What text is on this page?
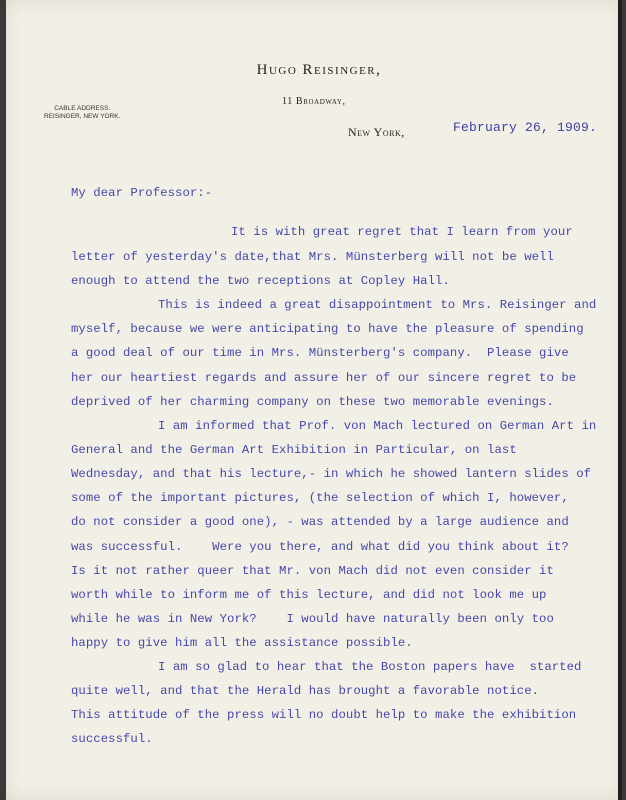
Hugo Reisinger,
11 Broadway,
CABLE ADDRESS.
REISINGER, NEW YORK.
New York,	February 26, 1909.
My dear Professor:-
It is with great regret that I learn from your
letter of yesterday's date,that Mrs. Münsterberg will not be well
enough to attend the two receptions at Copley Hall.
This is indeed a great disappointment to Mrs. Reisinger and
myself, because we were anticipating to have the pleasure of spending
a good deal of our time in Mrs. Münsterberg's company.  Please give
her our heartiest regards and assure her of our sincere regret to be
deprived of her charming company on these two memorable evenings.
I am informed that Prof. von Mach lectured on German Art in
General and the German Art Exhibition in Particular, on last
Wednesday, and that his lecture,- in which he showed lantern slides of
some of the important pictures, (the selection of which I, however,
do not consider a good one), - was attended by a large audience and
was successful.    Were you there, and what did you think about it?
Is it not rather queer that Mr. von Mach did not even consider it
worth while to inform me of this lecture, and did not look me up
while he was in New York?    I would have naturally been only too
happy to give him all the assistance possible.
I am so glad to hear that the Boston papers have  started
quite well, and that the Herald has brought a favorable notice.
This attitude of the press will no doubt help to make the exhibition
successful.
